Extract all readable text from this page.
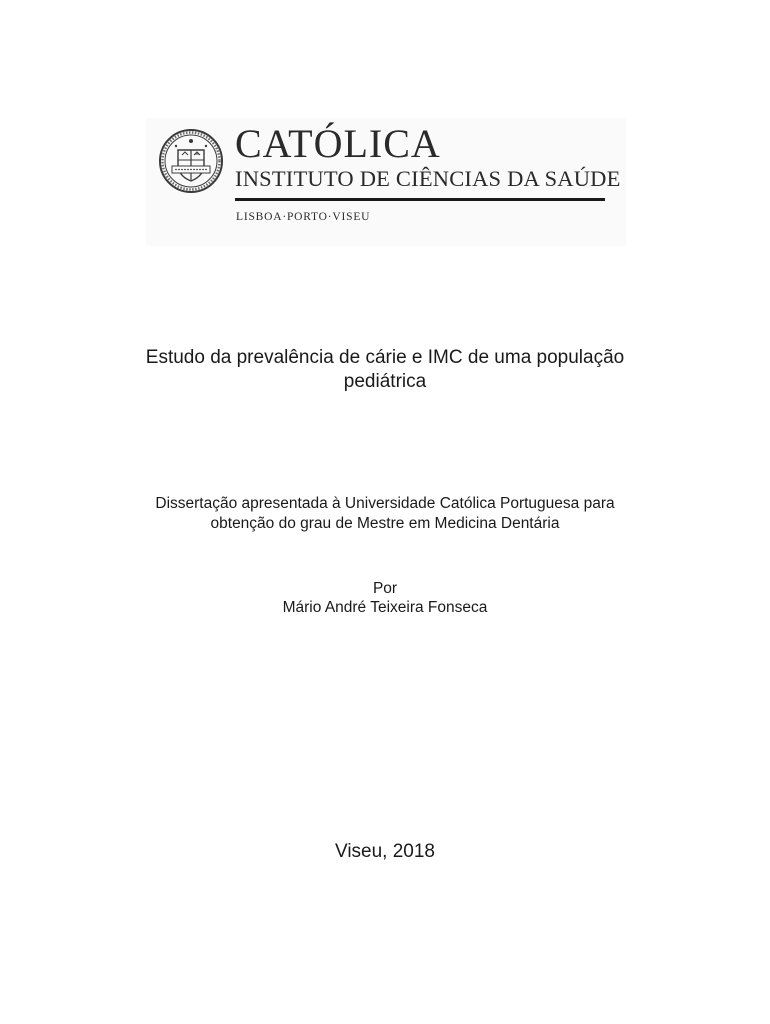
CATÓLICA
INSTITUTO DE CIÊNCIAS DA SAÚDE
LISBOA·PORTO·VISEU
Estudo da prevalência de cárie e IMC de uma população
pediátrica
Dissertação apresentada à Universidade Católica Portuguesa para
obtenção do grau de Mestre em Medicina Dentária
Por
Mário André Teixeira Fonseca
Viseu, 2018
